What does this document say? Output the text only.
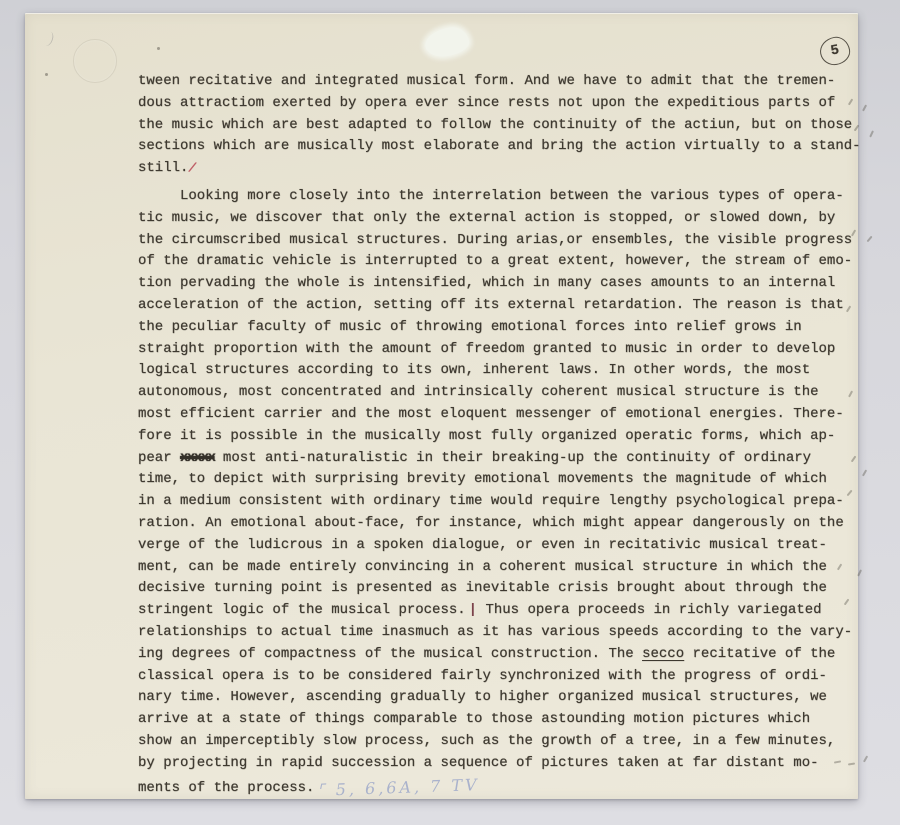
5
tween recitative and integrated musical form. And we have to admit that the tremen-
dous attractiom exerted by opera ever since rests not upon the expeditious parts of
the music which are best adapted to follow the continuity of the actiun, but on those
sections which are musically most elaborate and bring the action virtually to a stand-
still./
Looking more closely into the interrelation between the various types of opera-
tic music, we discover that only the external action is stopped, or slowed down, by
the circumscribed musical structures. During arias,or ensembles, the visible progress
of the dramatic vehicle is interrupted to a great extent, however, the stream of emo-
tion pervading the whole is intensified, which in many cases amounts to an internal
acceleration of the action, setting off its external retardation. The reason is that
the peculiar faculty of music of throwing emotional forces into relief grows in
straight proportion with the amount of freedom granted to music in order to develop
logical structures according to its own, inherent laws. In other words, the most
autonomous, most concentrated and intrinsically coherent musical structure is the
most efficient carrier and the most eloquent messenger of emotional energies. There-
fore it is possible in the musically most fully organized operatic forms, which ap-
pear xxxxx most anti-naturalistic in their breaking-up the continuity of ordinary
time, to depict with surprising brevity emotional movements the magnitude of which
in a medium consistent with ordinary time would require lengthy psychological prepa-
ration. An emotional about-face, for instance, which might appear dangerously on the
verge of the ludicrous in a spoken dialogue, or even in recitativic musical treat-
ment, can be made entirely convincing in a coherent musical structure in which the
decisive turning point is presented as inevitable crisis brought about through the
stringent logic of the musical process. | Thus opera proceeds in richly variegated
relationships to actual time inasmuch as it has various speeds according to the vary-
ing degrees of compactness of the musical construction. The secco recitative of the
classical opera is to be considered fairly synchronized with the progress of ordi-
nary time. However, ascending gradually to higher organized musical structures, we
arrive at a state of things comparable to those astounding motion pictures which
show an imperceptibly slow process, such as the growth of a tree, in a few minutes,
by projecting in rapid succession a sequence of pictures taken at far distant mo-
ments of the process. ⌜ 5, 6,6A, 7 TV
